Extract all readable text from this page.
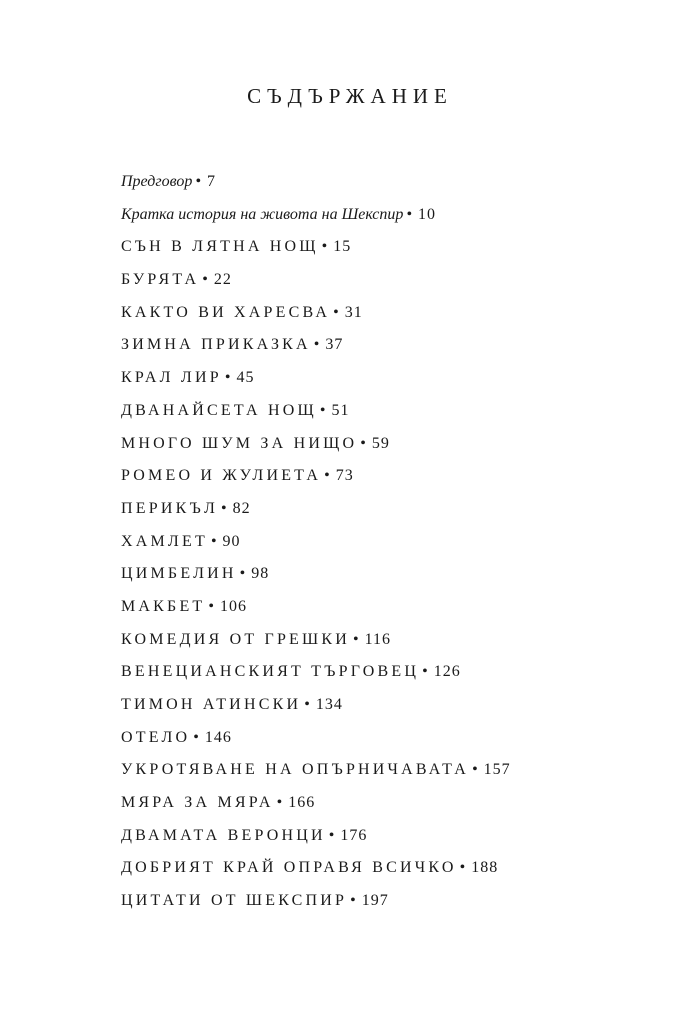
СЪДЪРЖАНИЕ
Предговор • 7
Кратка история на живота на Шекспир • 10
СЪН В ЛЯТНА НОЩ • 15
БУРЯТА • 22
КАКТО ВИ ХАРЕСВА • 31
ЗИМНА ПРИКАЗКА • 37
КРАЛ ЛИР • 45
ДВАНАЙСЕТА НОЩ • 51
МНОГО ШУМ ЗА НИЩО • 59
РОМЕО И ЖУЛИЕТА • 73
ПЕРИКЪЛ • 82
ХАМЛЕТ • 90
ЦИМБЕЛИН • 98
МАКБЕТ • 106
КОМЕДИЯ ОТ ГРЕШКИ • 116
ВЕНЕЦИАНСКИЯТ ТЪРГОВЕЦ • 126
ТИМОН АТИНСКИ • 134
ОТЕЛО • 146
УКРОТЯВАНЕ НА ОПЪРНИЧАВАТА • 157
МЯРА ЗА МЯРА • 166
ДВАМАТА ВЕРОНЦИ • 176
ДОБРИЯТ КРАЙ ОПРАВЯ ВСИЧКО • 188
ЦИТАТИ ОТ ШЕКСПИР • 197
